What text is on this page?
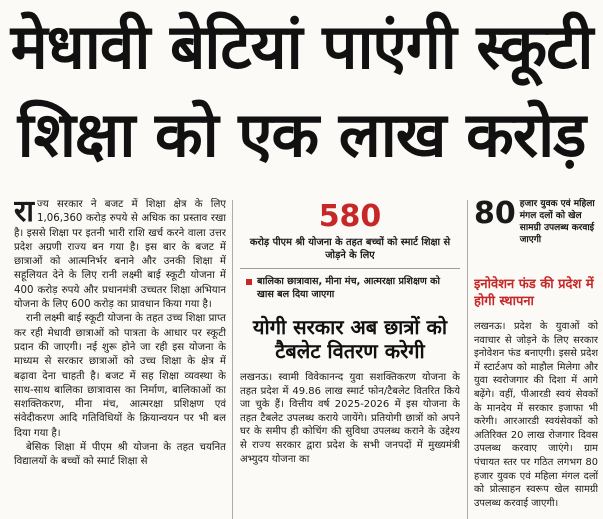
मेधावी बेटियां पाएंगी स्कूटी
शिक्षा को एक लाख करोड़

राज्य सरकार ने बजट में शिक्षा क्षेत्र के लिए 1,06,360 करोड़ रुपये से अधिक का प्रस्ताव रखा है। इससे शिक्षा पर इतनी भारी राशि खर्च करने वाला उत्तर प्रदेश अग्रणी राज्य बन गया है। इस बार के बजट में छात्राओं को आत्मनिर्भर बनाने और उनकी शिक्षा में सहूलियत देने के लिए रानी लक्ष्मी बाई स्कूटी योजना में 400 करोड़ रुपये और प्रधानमंत्री उच्चतर शिक्षा अभियान योजना के लिए 600 करोड़ का प्रावधान किया गया है।

रानी लक्ष्मी बाई स्कूटी योजना के तहत उच्च शिक्षा प्राप्त कर रही मेधावी छात्राओं को पात्रता के आधार पर स्कूटी प्रदान की जाएगी। नई शुरू होने जा रही इस योजना के माध्यम से सरकार छात्राओं को उच्च शिक्षा के क्षेत्र में बढ़ावा देना चाहती है। बजट में सह शिक्षा व्यवस्था के साथ-साथ बालिका छात्रावास का निर्माण, बालिकाओं का सशक्तिकरण, मीना मंच, आत्मरक्षा प्रशिक्षण एवं संवेदीकरण आदि गतिविधियों के क्रियान्वयन पर भी बल दिया गया है।

बेसिक शिक्षा में पीएम श्री योजना के तहत चयनित विद्यालयों के बच्चों को स्मार्ट शिक्षा से

580
करोड़ पीएम श्री योजना के तहत बच्चों को स्मार्ट शिक्षा से जोड़ने के लिए
बालिका छात्रावास, मीना मंच, आत्मरक्षा प्रशिक्षण को खास बल दिया जाएगा
योगी सरकार अब छात्रों को टैबलेट वितरण करेगी
लखनऊ। स्वामी विवेकानन्द युवा सशक्तिकरण योजना के तहत प्रदेश में 49.86 लाख स्मार्ट फोन/टैबलेट वितरित किये जा चुके हैं। वित्तीय वर्ष 2025-2026 में इस योजना के तहत टैबलेट उपलब्ध कराये जायेंगे। प्रतियोगी छात्रों को अपने घर के समीप ही कोचिंग की सुविधा उपलब्ध कराने के उद्देश्य से राज्य सरकार द्वारा प्रदेश के सभी जनपदों में मुख्यमंत्री अभ्युदय योजना का
80 हजार युवक एवं महिला मंगल दलों को खेल सामग्री उपलब्ध करवाई जाएगी
इनोवेशन फंड की प्रदेश में होगी स्थापना
लखनऊ। प्रदेश के युवाओं को नवाचार से जोड़ने के लिए सरकार इनोवेशन फंड बनाएगी। इससे प्रदेश में स्टार्टअप को माहौल मिलेगा और युवा स्वरोजगार की दिशा में आगे बढ़ेंगे। वहीं, पीआरडी स्वयं सेवकों के मानदेय में सरकार इजाफा भी करेगी। आरआरडी स्वयंसेवकों को अतिरिक्त 20 लाख रोजगार दिवस उपलब्ध करवाए जाएंगे। ग्राम पंचायत स्तर पर गठित लगभग 80 हजार युवक एवं महिला मंगल दलों को प्रोत्साहन स्वरूप खेल सामग्री उपलब्ध करवाई जाएगी।
